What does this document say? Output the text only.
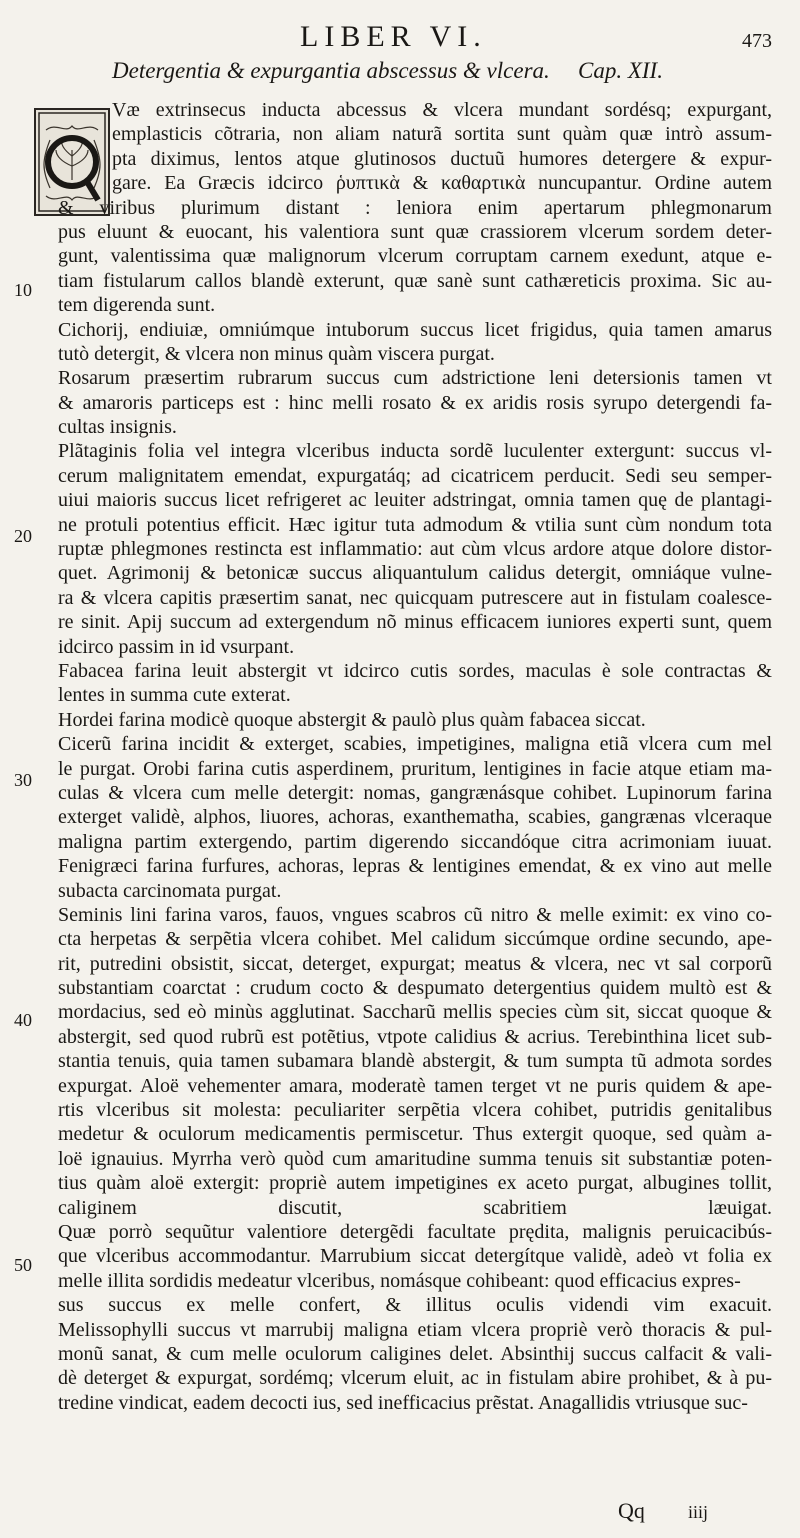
LIBER VI.	473
Detergentia & expurgantia abscessus & vlcera. Cap. XII.
Væ extrinsecus inducta abcessus & vlcera mundant sordésq; expurgant,
emplasticis cõtraria, non aliam naturã sortita sunt quàm quæ intrò assum-
pta diximus, lentos atque glutinosos ductuũ humores detergere & expur-
gare. Ea Græcis idcirco ῥυπτικὰ & καθαρτικὰ nuncupantur. Ordine autem
& viribus plurimum distant : leniora enim apertarum phlegmonarum
pus eluunt & euocant, his valentiora sunt quæ crassiorem vlcerum sordem deter-
gunt, valentissima quæ malignorum vlcerum corruptam carnem exedunt, atque e-
tiam fistularum callos blandè exterunt, quæ sanè sunt cathæreticis proxima. Sic au-
tem digerenda sunt.
Cichorij, endiuiæ, omniúmque intuborum succus licet frigidus, quia tamen amarus
tutò detergit, & vlcera non minus quàm viscera purgat.
Rosarum præsertim rubrarum succus cum adstrictione leni detersionis tamen vt
& amaroris particeps est : hinc melli rosato & ex aridis rosis syrupo detergendi fa-
cultas insignis.
Plãtaginis folia vel integra vlceribus inducta sordẽ luculenter extergunt: succus vl-
cerum malignitatem emendat, expurgatáq; ad cicatricem perducit. Sedi seu semper-
uiui maioris succus licet refrigeret ac leuiter adstringat, omnia tamen quę de plantagi-
ne protuli potentius efficit. Hæc igitur tuta admodum & vtilia sunt cùm nondum tota
ruptæ phlegmones restincta est inflammatio: aut cùm vlcus ardore atque dolore distor-
quet. Agrimonij & betonicæ succus aliquantulum calidus detergit, omniáque vulne-
ra & vlcera capitis præsertim sanat, nec quicquam putrescere aut in fistulam coalesce-
re sinit. Apij succum ad extergendum nõ minus efficacem iuniores experti sunt, quem
idcirco passim in id vsurpant.
Fabacea farina leuit abstergit vt idcirco cutis sordes, maculas è sole contractas &
lentes in summa cute exterat.
Hordei farina modicè quoque abstergit & paulò plus quàm fabacea siccat.
Cicerũ farina incidit & exterget, scabies, impetigines, maligna etiã vlcera cum mel
le purgat. Orobi farina cutis asperdinem, pruritum, lentigines in facie atque etiam ma-
culas & vlcera cum melle detergit: nomas, gangrænásque cohibet. Lupinorum farina
exterget validè, alphos, liuores, achoras, exanthematha, scabies, gangrænas vlceraque
maligna partim extergendo, partim digerendo siccandóque citra acrimoniam iuuat.
Fenigræci farina furfures, achoras, lepras & lentigines emendat, & ex vino aut melle
subacta carcinomata purgat.
Seminis lini farina varos, fauos, vngues scabros cũ nitro & melle eximit: ex vino co-
cta herpetas & serpẽtia vlcera cohibet. Mel calidum siccúmque ordine secundo, ape-
rit, putredini obsistit, siccat, deterget, expurgat; meatus & vlcera, nec vt sal corporũ
substantiam coarctat : crudum cocto & despumato detergentius quidem multò est &
mordacius, sed eò minùs agglutinat. Saccharũ mellis species cùm sit, siccat quoque &
abstergit, sed quod rubrũ est potẽtius, vtpote calidius & acrius. Terebinthina licet sub-
stantia tenuis, quia tamen subamara blandè abstergit, & tum sumpta tũ admota sordes
expurgat. Aloë vehementer amara, moderatè tamen terget vt ne puris quidem & ape-
rtis vlceribus sit molesta: peculiariter serpẽtia vlcera cohibet, putridis genitalibus
medetur & oculorum medicamentis permiscetur. Thus extergit quoque, sed quàm a-
loë ignauius. Myrrha verò quòd cum amaritudine summa tenuis sit substantiæ poten-
tius quàm aloë extergit: propriè autem impetigines ex aceto purgat, albugines tollit,
caliginem discutit, scabritiem læuigat.
Quæ porrò sequũtur valentiore detergẽdi facultate prędita, malignis peruicacibús-
que vlceribus accommodantur. Marrubium siccat detergítque validè, adeò vt folia ex
melle illita sordidis medeatur vlceribus, nomásque cohibeant: quod efficacius expres-
sus succus ex melle confert, & illitus oculis videndi vim exacuit.
Melissophylli succus vt marrubij maligna etiam vlcera propriè verò thoracis & pul-
monũ sanat, & cum melle oculorum caligines delet. Absinthij succus calfacit & vali-
dè deterget & expurgat, sordémq; vlcerum eluit, ac in fistulam abire prohibet, & à pu-
tredine vindicat, eadem decocti ius, sed inefficacius prẽstat. Anagallidis vtriusque suc-
10
20
30
40
50
Qq iiij
